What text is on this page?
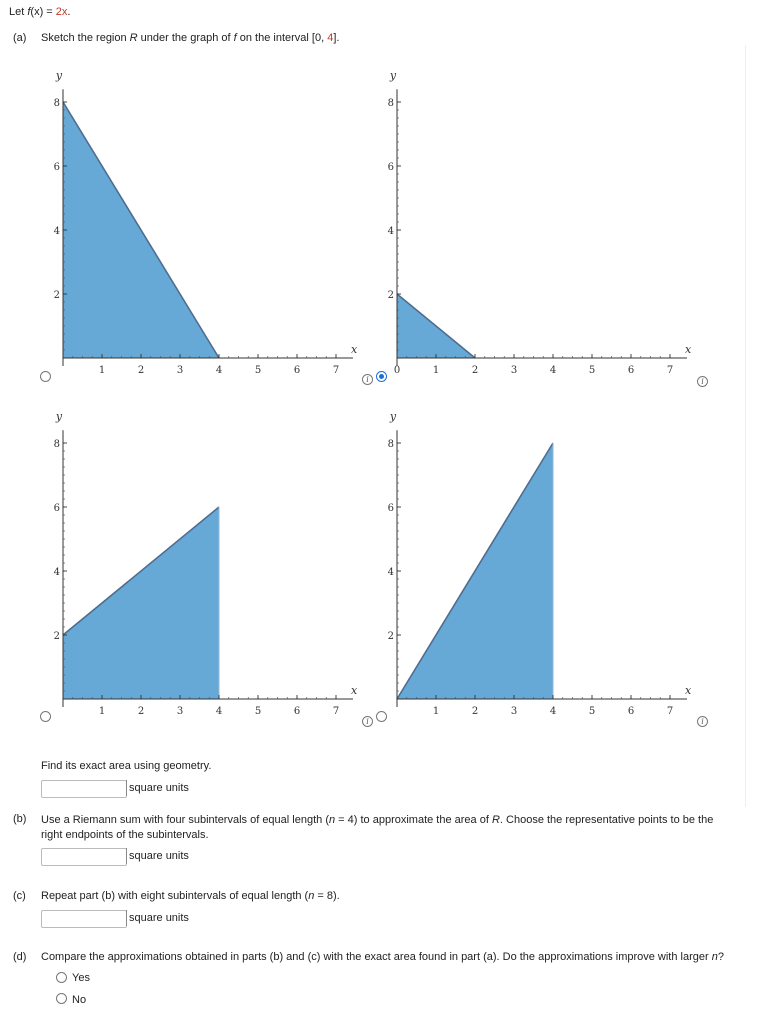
Let f(x) = 2x.
(a) Sketch the region R under the graph of f on the interval [0, 4].
1	2	3	4	5	6	7
2
4
6
8
x
y
i
1	2	3	4	5	6	7
2
4
6
8
x
y
0
i
1	2	3	4	5	6	7
2
4
6
8
x
y
i
1	2	3	4	5	6	7
2
4
6
8
x
y
i
Find its exact area using geometry.
square units
(b) Use a Riemann sum with four subintervals of equal length (n = 4) to approximate the area of R. Choose the representative points to be the
right endpoints of the subintervals.
square units
(c) Repeat part (b) with eight subintervals of equal length (n = 8).
square units
(d) Compare the approximations obtained in parts (b) and (c) with the exact area found in part (a). Do the approximations improve with larger n?
Yes
No
